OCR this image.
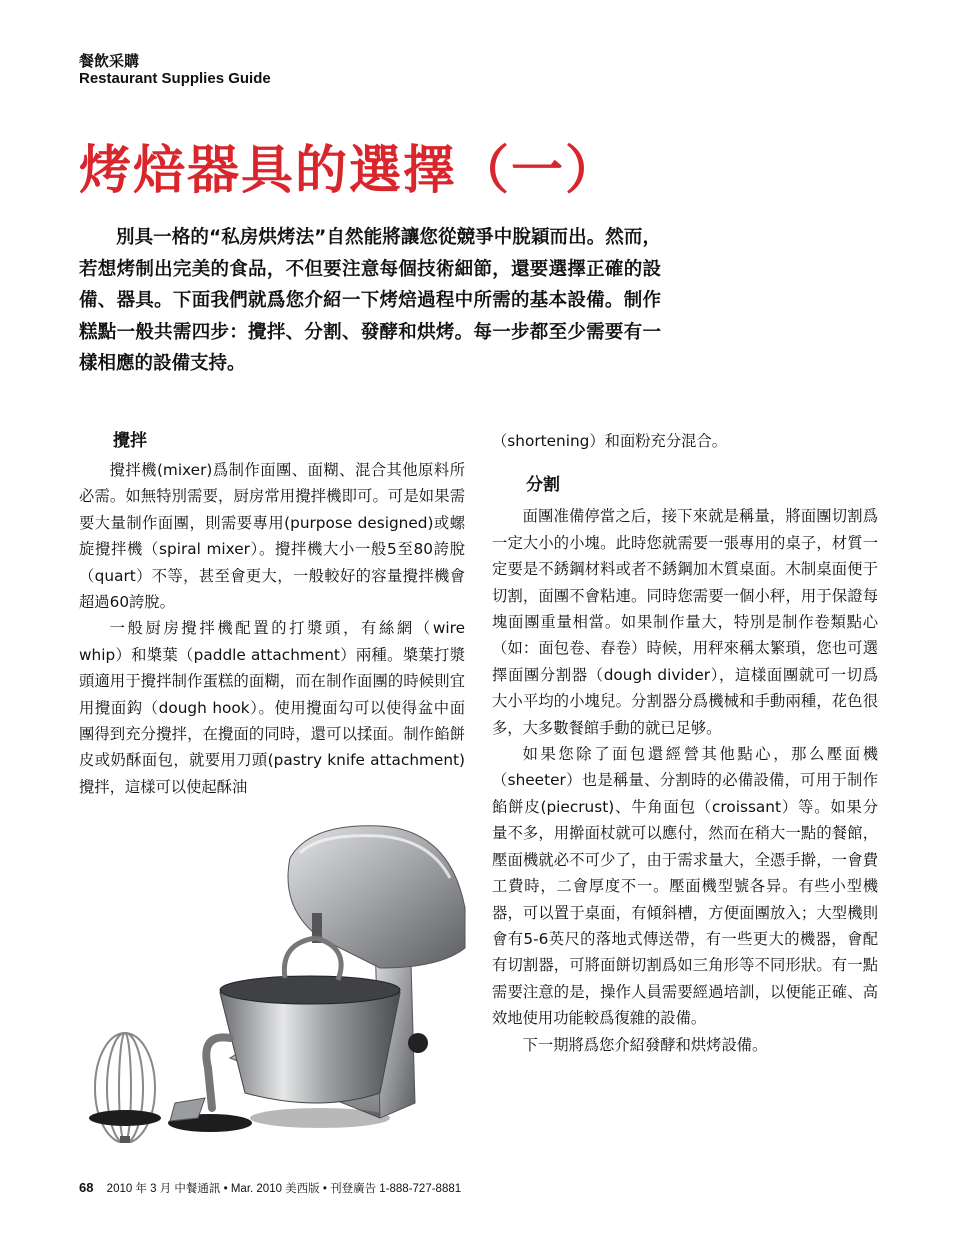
餐飲采購
Restaurant Supplies Guide
烤焙器具的選擇（一）

別具一格的“私房烘烤法”自然能將讓您從競爭中脫穎而出。然而，若想烤制出完美的食品，不但要注意每個技術細節，還要選擇正確的設備、器具。下面我們就爲您介紹一下烤焙過程中所需的基本設備。制作糕點一般共需四步：攪拌、分割、發酵和烘烤。每一步都至少需要有一樣相應的設備支持。

攪拌

攪拌機(mixer)爲制作面團、面糊、混合其他原料所必需。如無特別需要，厨房常用攪拌機即可。可是如果需要大量制作面團，則需要專用(purpose designed)或螺旋攪拌機（spiral mixer）。攪拌機大小一般5至80誇脫（quart）不等，甚至會更大，一般較好的容量攪拌機會超過60誇脫。

一般厨房攪拌機配置的打漿頭，有絲網（wire whip）和槳葉（paddle attachment）兩種。槳葉打漿頭適用于攪拌制作蛋糕的面糊，而在制作面團的時候則宜用攪面鈎（dough hook）。使用攪面勾可以使得盆中面團得到充分攪拌，在攪面的同時，還可以揉面。制作餡餅皮或奶酥面包，就要用刀頭(pastry knife attachment)攪拌，這樣可以使起酥油

（shortening）和面粉充分混合。

分割

面團准備停當之后，接下來就是稱量，將面團切割爲一定大小的小塊。此時您就需要一張專用的桌子，材質一定要是不銹鋼材料或者不銹鋼加木質桌面。木制桌面便于切割，面團不會粘連。同時您需要一個小秤，用于保證每塊面團重量相當。如果制作量大，特別是制作卷類點心（如：面包卷、春卷）時候，用秤來稱太繁瑣，您也可選擇面團分割器（dough divider），這樣面團就可一切爲大小平均的小塊兒。分割器分爲機械和手動兩種，花色很多，大多數餐館手動的就已足够。

如果您除了面包還經營其他點心，那么壓面機（sheeter）也是稱量、分割時的必備設備，可用于制作餡餅皮(piecrust)、牛角面包（croissant）等。如果分量不多，用擀面杖就可以應付，然而在稍大一點的餐館，壓面機就必不可少了，由于需求量大，全憑手擀，一會費工費時，二會厚度不一。壓面機型號各异。有些小型機器，可以置于桌面，有傾斜槽，方便面團放入；大型機則會有5-6英尺的落地式傳送帶，有一些更大的機器，會配有切割器，可將面餅切割爲如三角形等不同形狀。有一點需要注意的是，操作人員需要經過培訓，以便能正確、高效地使用功能較爲復雜的設備。

下一期將爲您介紹發酵和烘烤設備。

68 2010 年 3 月 中餐通訊 • Mar. 2010 美西版 • 刊登廣告 1-888-727-8881
